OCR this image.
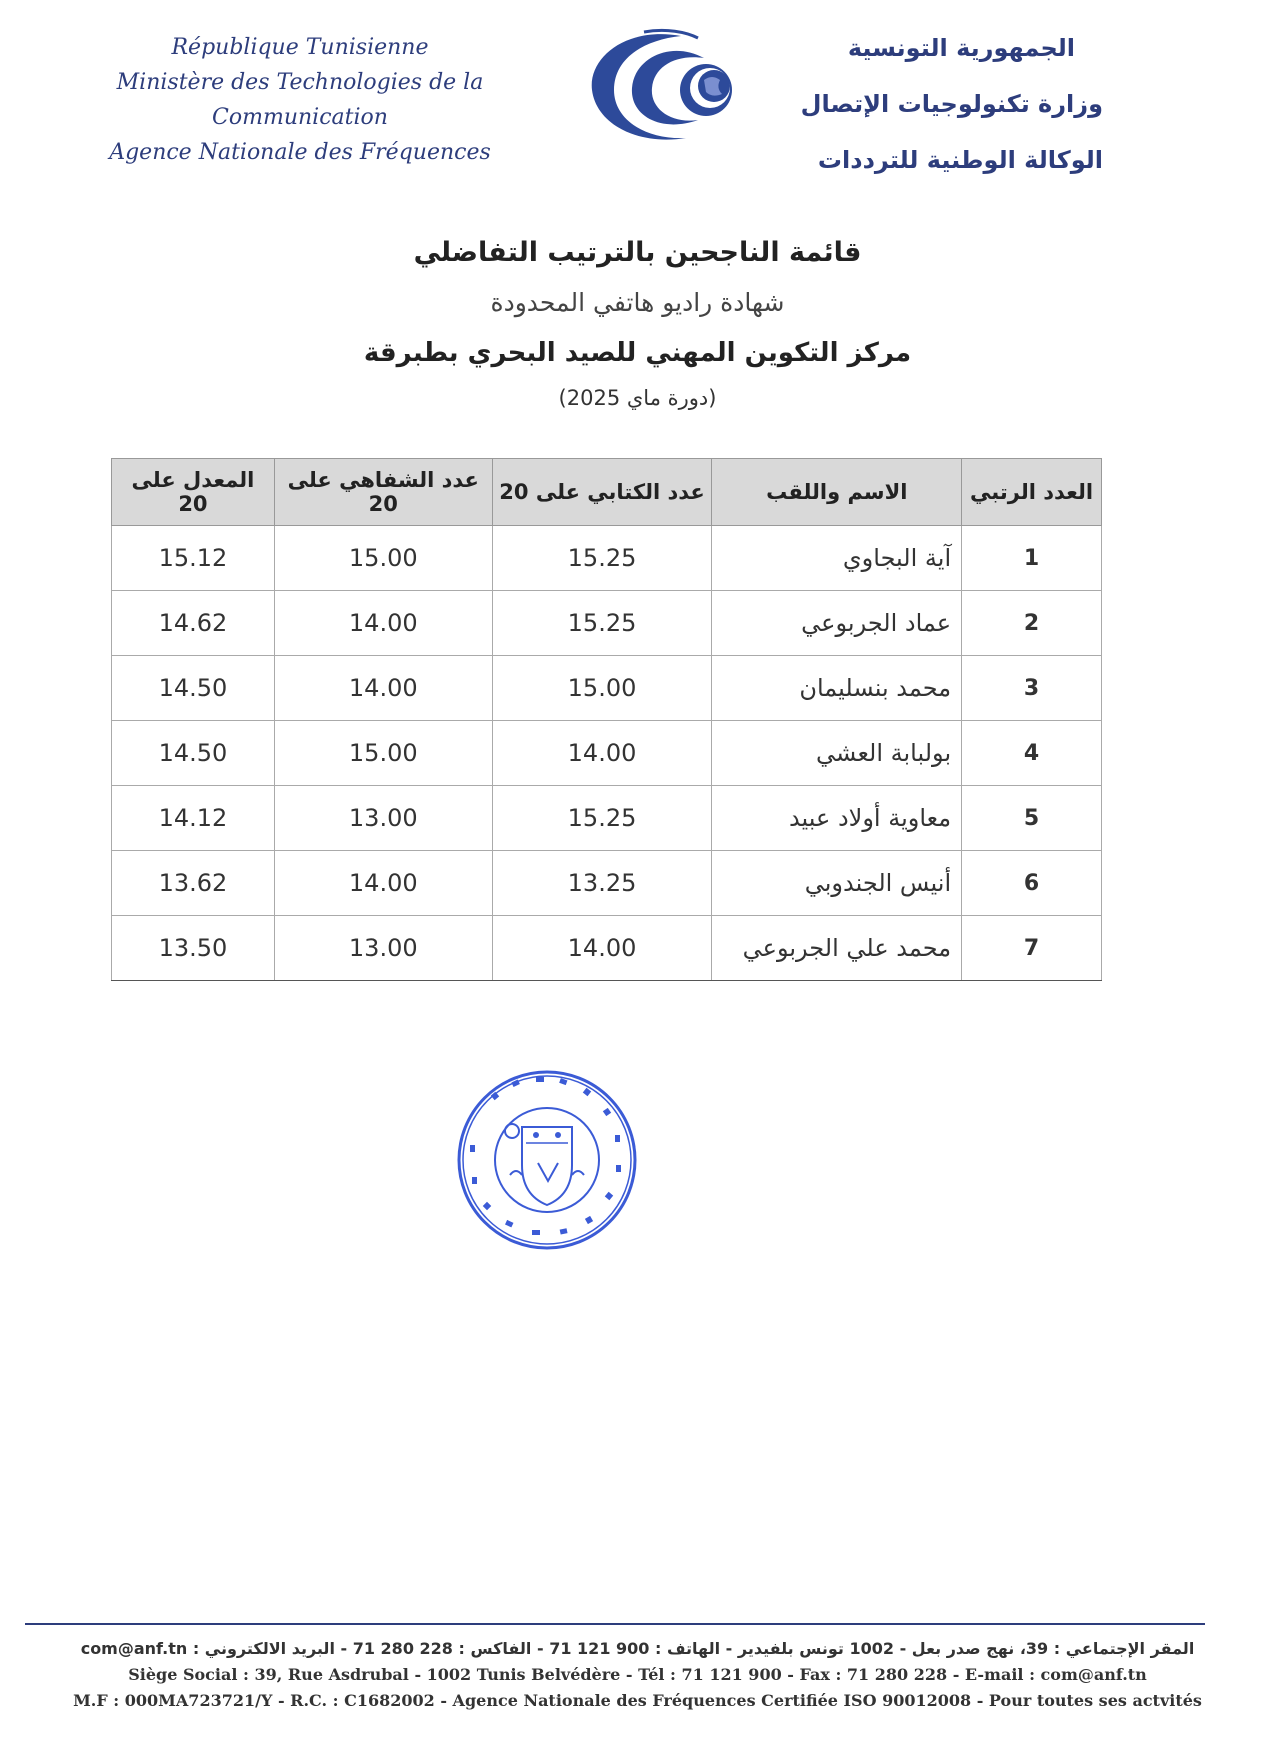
République Tunisienne
Ministère des Technologies de la Communication
Agence Nationale des Fréquences
الجمهورية التونسية
وزارة تكنولوجيات الإتصال
الوكالة الوطنية للترددات
قائمة الناجحين بالترتيب التفاضلي
شهادة راديو هاتفي المحدودة
مركز التكوين المهني للصيد البحري بطبرقة
(دورة ماي 2025)
العدد الرتبي	الاسم واللقب	عدد الكتابي على 20	عدد الشفاهي على 20	المعدل على 20
1	آية البجاوي	15.25	15.00	15.12
2	عماد الجربوعي	15.25	14.00	14.62
3	محمد بنسليمان	15.00	14.00	14.50
4	بولبابة العشي	14.00	15.00	14.50
5	معاوية أولاد عبيد	15.25	13.00	14.12
6	أنيس الجندوبي	13.25	14.00	13.62
7	محمد علي الجربوعي	14.00	13.00	13.50
المقر الإجتماعي : 39، نهج صدر بعل - 1002 تونس بلفيدير - الهاتف : 900 121 71 - الفاكس : 228 280 71 - البريد الالكتروني : com@anf.tn
Siège Social : 39, Rue Asdrubal - 1002 Tunis Belvédère - Tél : 71 121 900 - Fax : 71 280 228 - E-mail : com@anf.tn
M.F : 000MA723721/Y - R.C. : C1682002 - Agence Nationale des Fréquences Certifiée ISO 90012008 - Pour toutes ses actvités
